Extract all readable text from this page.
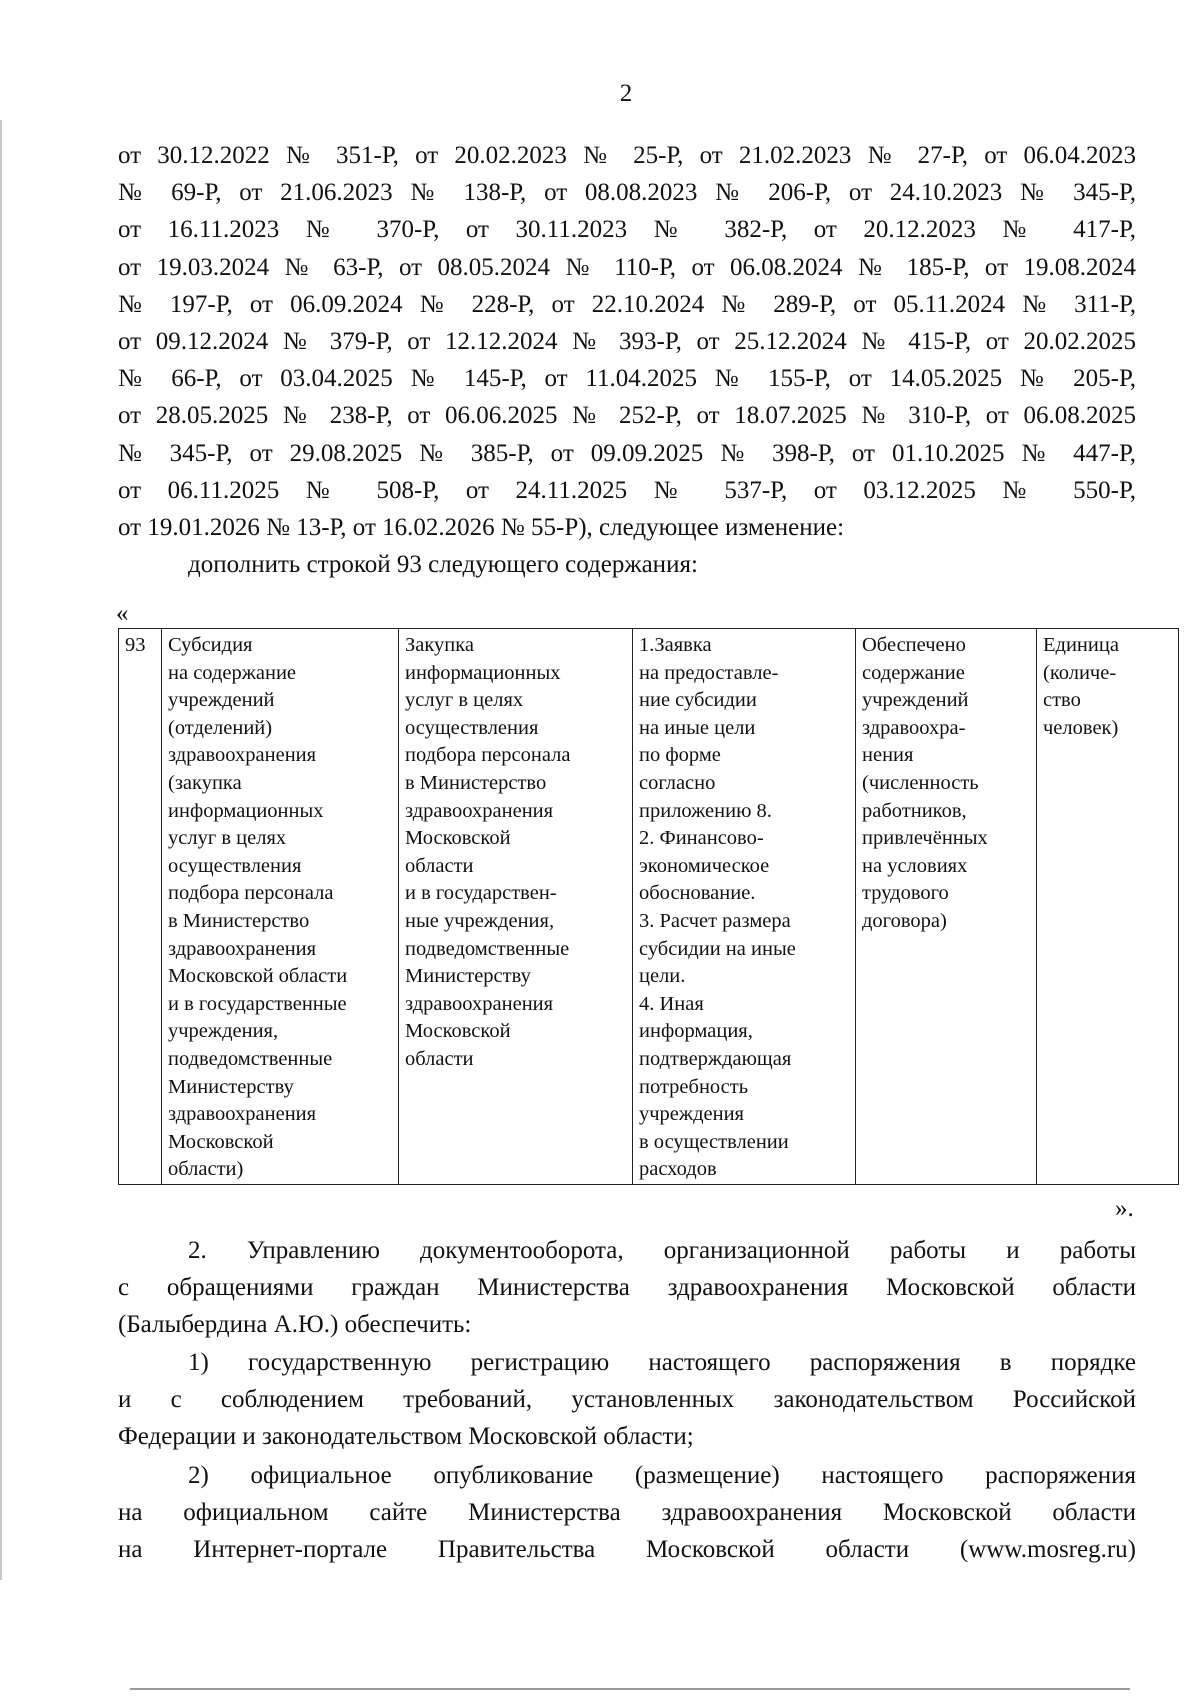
2
от 30.12.2022 № 351-Р, от 20.02.2023 № 25-Р, от 21.02.2023 № 27-Р, от 06.04.2023
№ 69-Р, от 21.06.2023 № 138-Р, от 08.08.2023 № 206-Р, от 24.10.2023 № 345-Р,
от 16.11.2023 № 370-Р, от 30.11.2023 № 382-Р, от 20.12.2023 № 417-Р,
от 19.03.2024 № 63-Р, от 08.05.2024 № 110-Р, от 06.08.2024 № 185-Р, от 19.08.2024
№ 197-Р, от 06.09.2024 № 228-Р, от 22.10.2024 № 289-Р, от 05.11.2024 № 311-Р,
от 09.12.2024 № 379-Р, от 12.12.2024 № 393-Р, от 25.12.2024 № 415-Р, от 20.02.2025
№ 66-Р, от 03.04.2025 № 145-Р, от 11.04.2025 № 155-Р, от 14.05.2025 № 205-Р,
от 28.05.2025 № 238-Р, от 06.06.2025 № 252-Р, от 18.07.2025 № 310-Р, от 06.08.2025
№ 345-Р, от 29.08.2025 № 385-Р, от 09.09.2025 № 398-Р, от 01.10.2025 № 447-Р,
от 06.11.2025 № 508-Р, от 24.11.2025 № 537-Р, от 03.12.2025 № 550-Р,
от 19.01.2026 № 13-Р, от 16.02.2026 № 55-Р), следующее изменение:
дополнить строкой 93 следующего содержания:
«
93	Субсидия
на содержание
учреждений
(отделений)
здравоохранения
(закупка
информационных
услуг в целях
осуществления
подбора персонала
в Министерство
здравоохранения
Московской области
и в государственные
учреждения,
подведомственные
Министерству
здравоохранения
Московской
области)	Закупка
информационных
услуг в целях
осуществления
подбора персонала
в Министерство
здравоохранения
Московской
области
и в государствен-
ные учреждения,
подведомственные
Министерству
здравоохранения
Московской
области	1.Заявка
на предоставле-
ние субсидии
на иные цели
по форме
согласно
приложению 8.
2. Финансово-
экономическое
обоснование.
3. Расчет размера
субсидии на иные
цели.
4. Иная
информация,
подтверждающая
потребность
учреждения
в осуществлении
расходов	Обеспечено
содержание
учреждений
здравоохра-
нения
(численность
работников,
привлечённых
на условиях
трудового
договора)	Единица
(количе-
ство
человек)
».
2. Управлению документооборота, организационной работы и работы
с обращениями граждан Министерства здравоохранения Московской области
(Балыбердина А.Ю.) обеспечить:
1) государственную регистрацию настоящего распоряжения в порядке
и с соблюдением требований, установленных законодательством Российской
Федерации и законодательством Московской области;
2) официальное опубликование (размещение) настоящего распоряжения
на официальном сайте Министерства здравоохранения Московской области
на Интернет-портале Правительства Московской области (www.mosreg.ru)
